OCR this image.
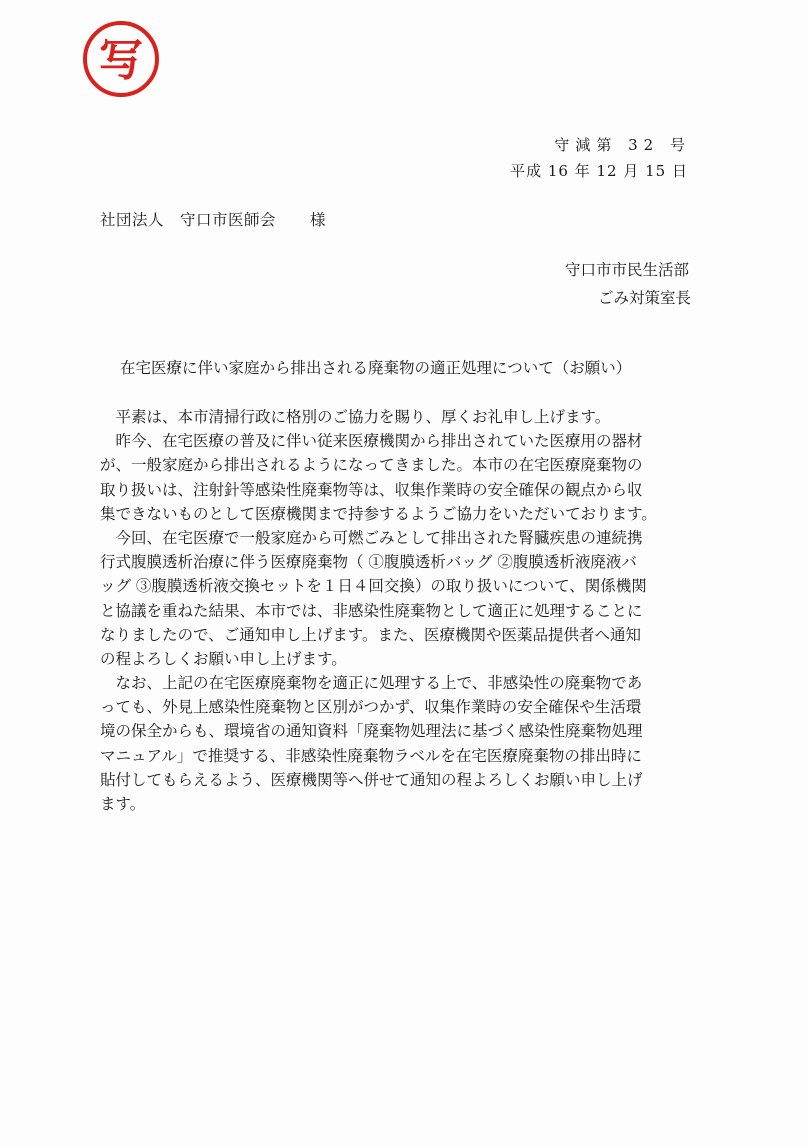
写
守減第 32 号
平成 16 年 12 月 15 日
社団法人　守口市医師会 様
守口市市民生活部
ごみ対策室長
在宅医療に伴い家庭から排出される廃棄物の適正処理について（お願い）
　平素は、本市清掃行政に格別のご協力を賜り、厚くお礼申し上げます。
　昨今、在宅医療の普及に伴い従来医療機関から排出されていた医療用の器材
が、一般家庭から排出されるようになってきました。本市の在宅医療廃棄物の
取り扱いは、注射針等感染性廃棄物等は、収集作業時の安全確保の観点から収
集できないものとして医療機関まで持参するようご協力をいただいております。
　今回、在宅医療で一般家庭から可燃ごみとして排出された腎臓疾患の連続携
行式腹膜透析治療に伴う医療廃棄物（ ①腹膜透析バッグ ②腹膜透析液廃液バ
ッグ ③腹膜透析液交換セットを１日４回交換）の取り扱いについて、関係機関
と協議を重ねた結果、本市では、非感染性廃棄物として適正に処理することに
なりましたので、ご通知申し上げます。また、医療機関や医薬品提供者へ通知
の程よろしくお願い申し上げます。
　なお、上記の在宅医療廃棄物を適正に処理する上で、非感染性の廃棄物であ
っても、外見上感染性廃棄物と区別がつかず、収集作業時の安全確保や生活環
境の保全からも、環境省の通知資料「廃棄物処理法に基づく感染性廃棄物処理
マニュアル」で推奨する、非感染性廃棄物ラベルを在宅医療廃棄物の排出時に
貼付してもらえるよう、医療機関等へ併せて通知の程よろしくお願い申し上げ
ます。
